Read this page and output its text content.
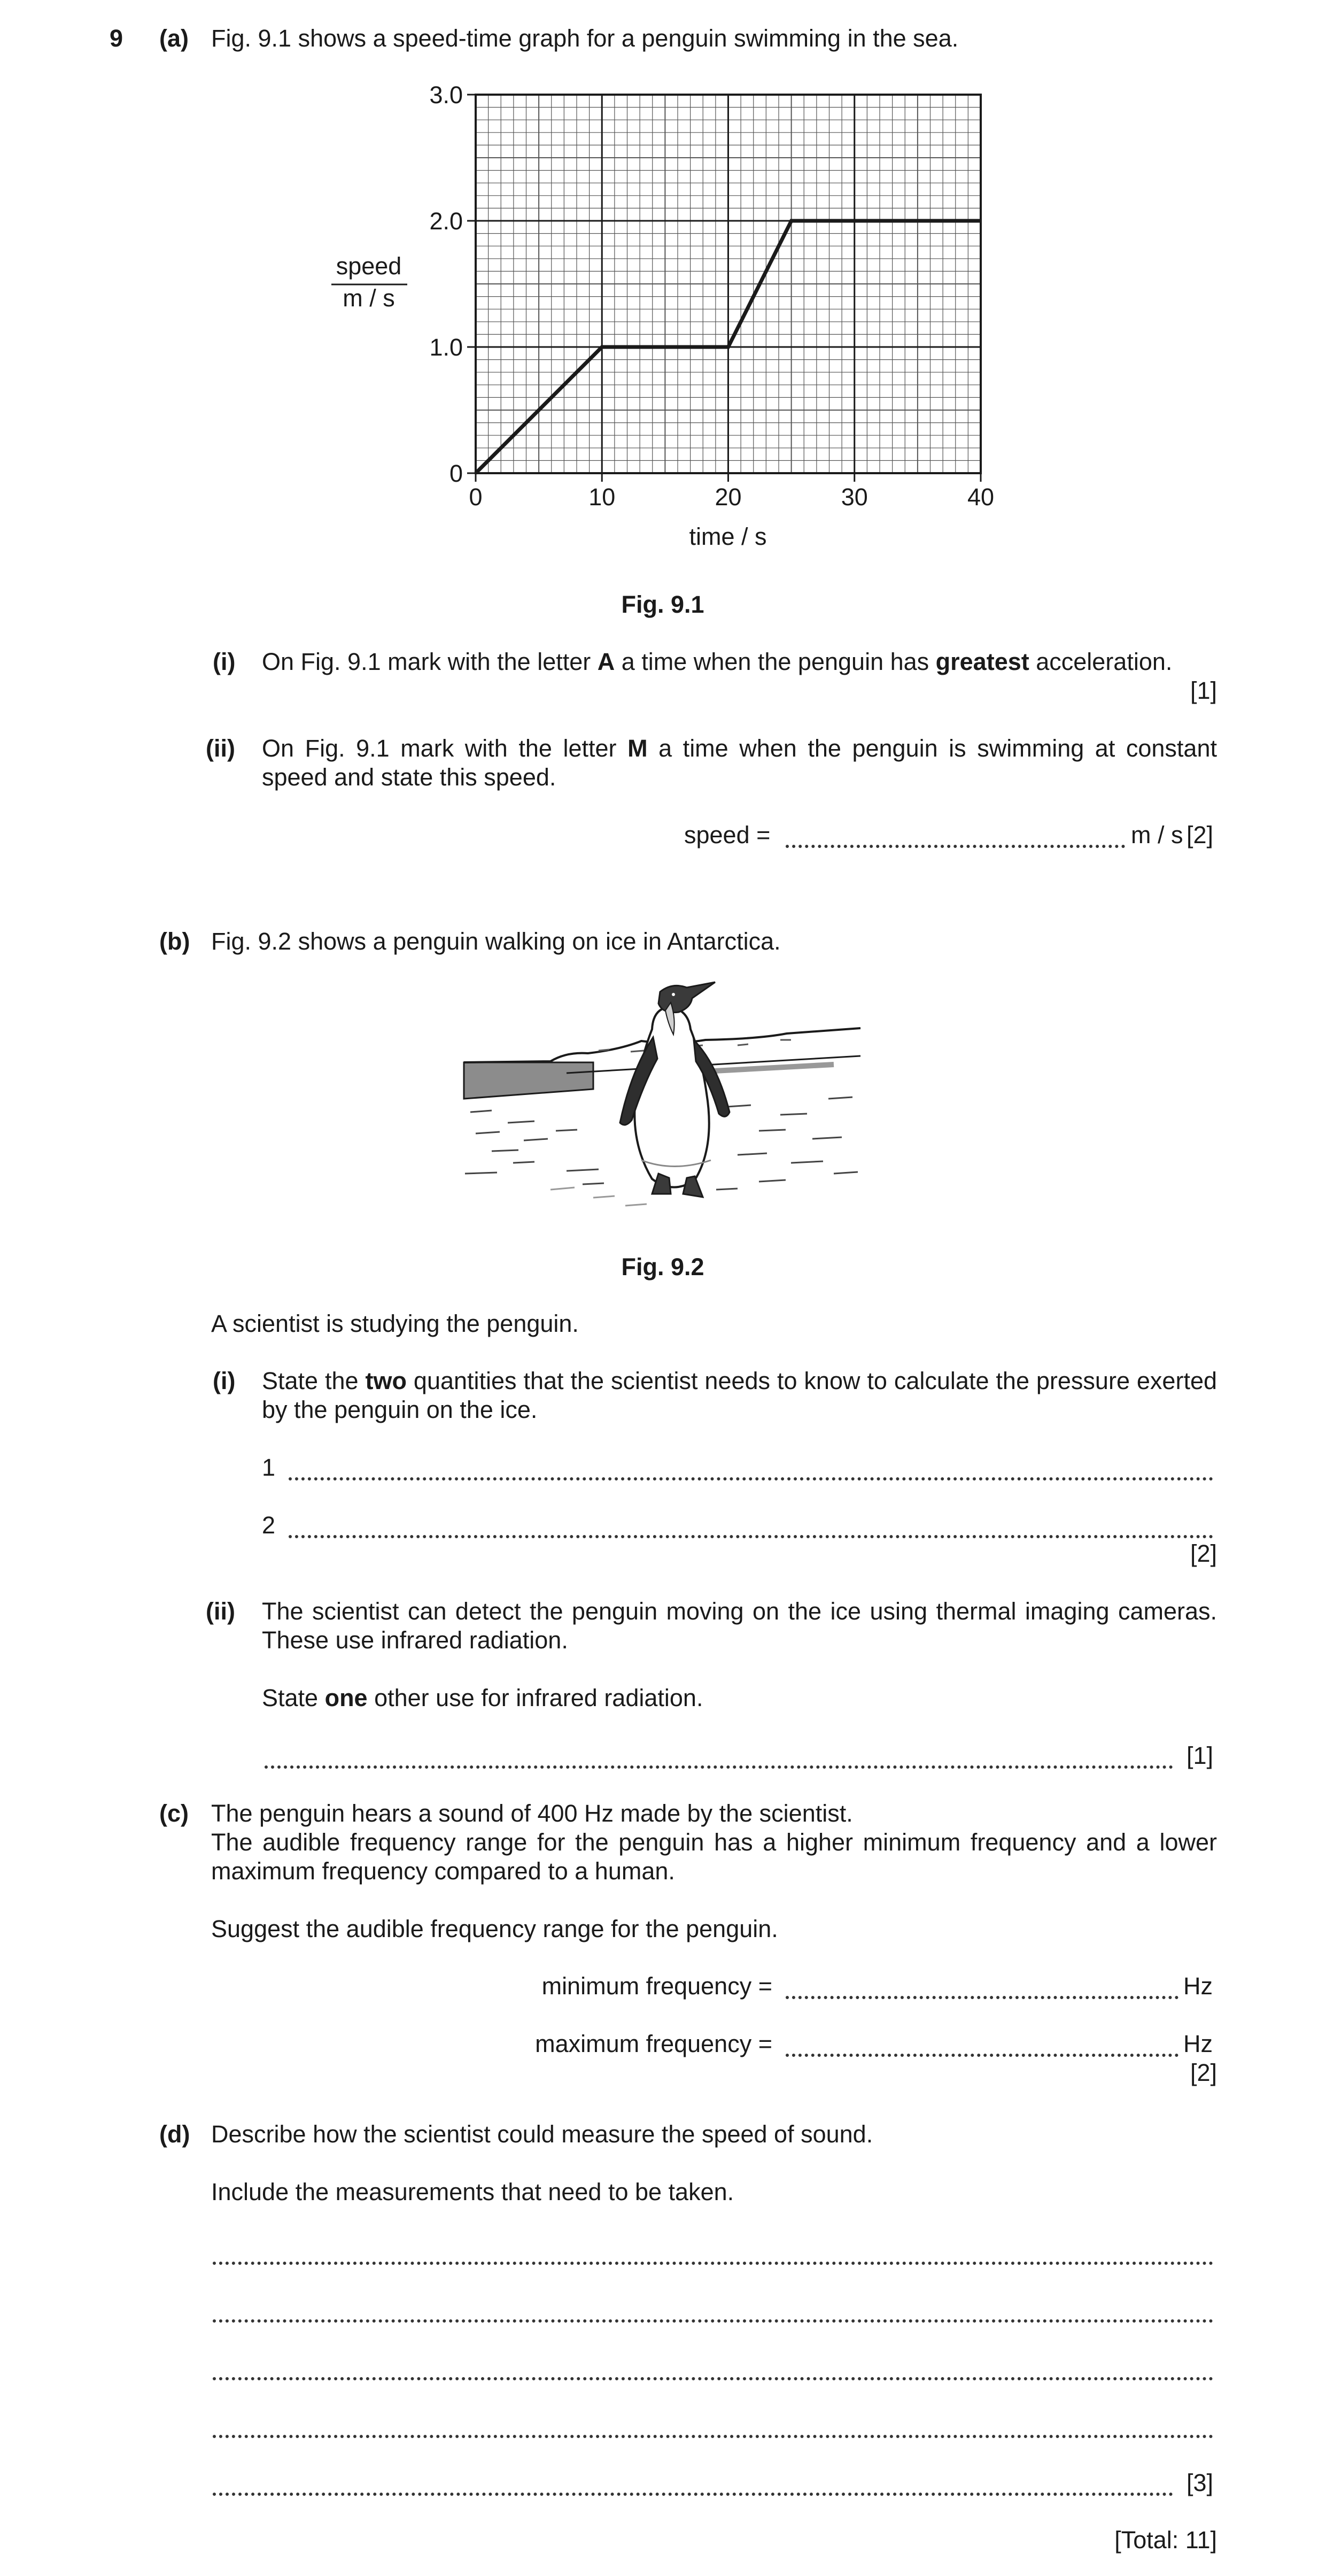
9 (a) Fig. 9.1 shows a speed-time graph for a penguin swimming in the sea.
0	10	20	30	40
0
1.0
2.0
3.0
speed
m / s
time / s
Fig. 9.1
(i) On Fig. 9.1 mark with the letter A a time when the penguin has greatest acceleration.
[1]
(ii) On Fig. 9.1 mark with the letter M a time when the penguin is swimming at constant speed and state this speed.
speed =	m / s [2]
(b) Fig. 9.2 shows a penguin walking on ice in Antarctica.
Fig. 9.2
A scientist is studying the penguin.
(i) State the two quantities that the scientist needs to know to calculate the pressure exerted by the penguin on the ice.
1
2
[2]
(ii) The scientist can detect the penguin moving on the ice using thermal imaging cameras. These use infrared radiation.
State one other use for infrared radiation.
[1]
(c) The penguin hears a sound of 400 Hz made by the scientist.
The audible frequency range for the penguin has a higher minimum frequency and a lower maximum frequency compared to a human.
Suggest the audible frequency range for the penguin.
minimum frequency =	Hz
maximum frequency =	Hz
[2]
(d) Describe how the scientist could measure the speed of sound.
Include the measurements that need to be taken.
[3]
[Total: 11]
